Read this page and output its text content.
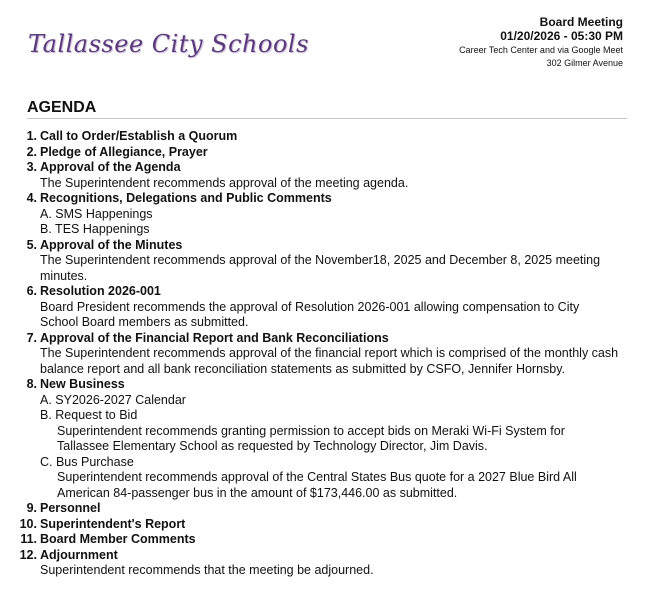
Tallassee City Schools
Board Meeting
01/20/2026 - 05:30 PM
Career Tech Center and via Google Meet
302 Gilmer Avenue
AGENDA
1. Call to Order/Establish a Quorum
2. Pledge of Allegiance, Prayer
3. Approval of the Agenda
The Superintendent recommends approval of the meeting agenda.
4. Recognitions, Delegations and Public Comments
A. SMS Happenings
B. TES Happenings
5. Approval of the Minutes
The Superintendent recommends approval of the November18, 2025 and December 8, 2025 meeting minutes.
6. Resolution 2026-001
Board President recommends the approval of Resolution 2026-001 allowing compensation to City School Board members as submitted.
7. Approval of the Financial Report and Bank Reconciliations
The Superintendent recommends approval of the financial report which is comprised of the monthly cash balance report and all bank reconciliation statements as submitted by CSFO, Jennifer Hornsby.
8. New Business
A. SY2026-2027 Calendar
B. Request to Bid
Superintendent recommends granting permission to accept bids on Meraki Wi-Fi System for Tallassee Elementary School as requested by Technology Director, Jim Davis.
C. Bus Purchase
Superintendent recommends approval of the Central States Bus quote for a 2027 Blue Bird All American 84-passenger bus in the amount of $173,446.00 as submitted.
9. Personnel
10. Superintendent's Report
11. Board Member Comments
12. Adjournment
Superintendent recommends that the meeting be adjourned.
